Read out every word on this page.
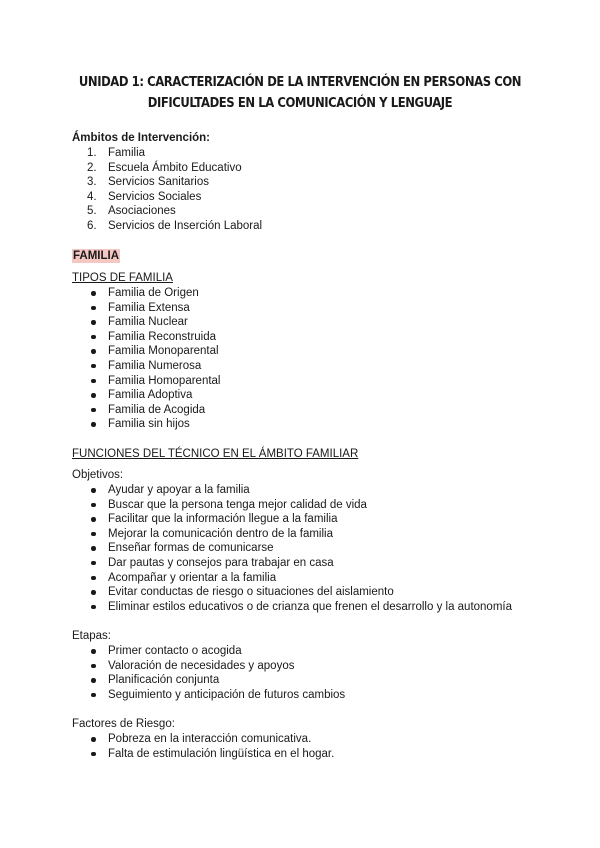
UNIDAD 1: CARACTERIZACIÓN DE LA INTERVENCIÓN EN PERSONAS CON
DIFICULTADES EN LA COMUNICACIÓN Y LENGUAJE
Ámbitos de Intervención:
1. Familia
2. Escuela Ámbito Educativo
3. Servicios Sanitarios
4. Servicios Sociales
5. Asociaciones
6. Servicios de Inserción Laboral
FAMILIA
TIPOS DE FAMILIA
Familia de Origen
Familia Extensa
Familia Nuclear
Familia Reconstruida
Familia Monoparental
Familia Numerosa
Familia Homoparental
Familia Adoptiva
Familia de Acogida
Familia sin hijos
FUNCIONES DEL TÉCNICO EN EL ÁMBITO FAMILIAR
Objetivos:
Ayudar y apoyar a la familia
Buscar que la persona tenga mejor calidad de vida
Facilitar que la información llegue a la familia
Mejorar la comunicación dentro de la familia
Enseñar formas de comunicarse
Dar pautas y consejos para trabajar en casa
Acompañar y orientar a la familia
Evitar conductas de riesgo o situaciones del aislamiento
Eliminar estilos educativos o de crianza que frenen el desarrollo y la autonomía
Etapas:
Primer contacto o acogida
Valoración de necesidades y apoyos
Planificación conjunta
Seguimiento y anticipación de futuros cambios
Factores de Riesgo:
Pobreza en la interacción comunicativa.
Falta de estimulación lingüística en el hogar.
